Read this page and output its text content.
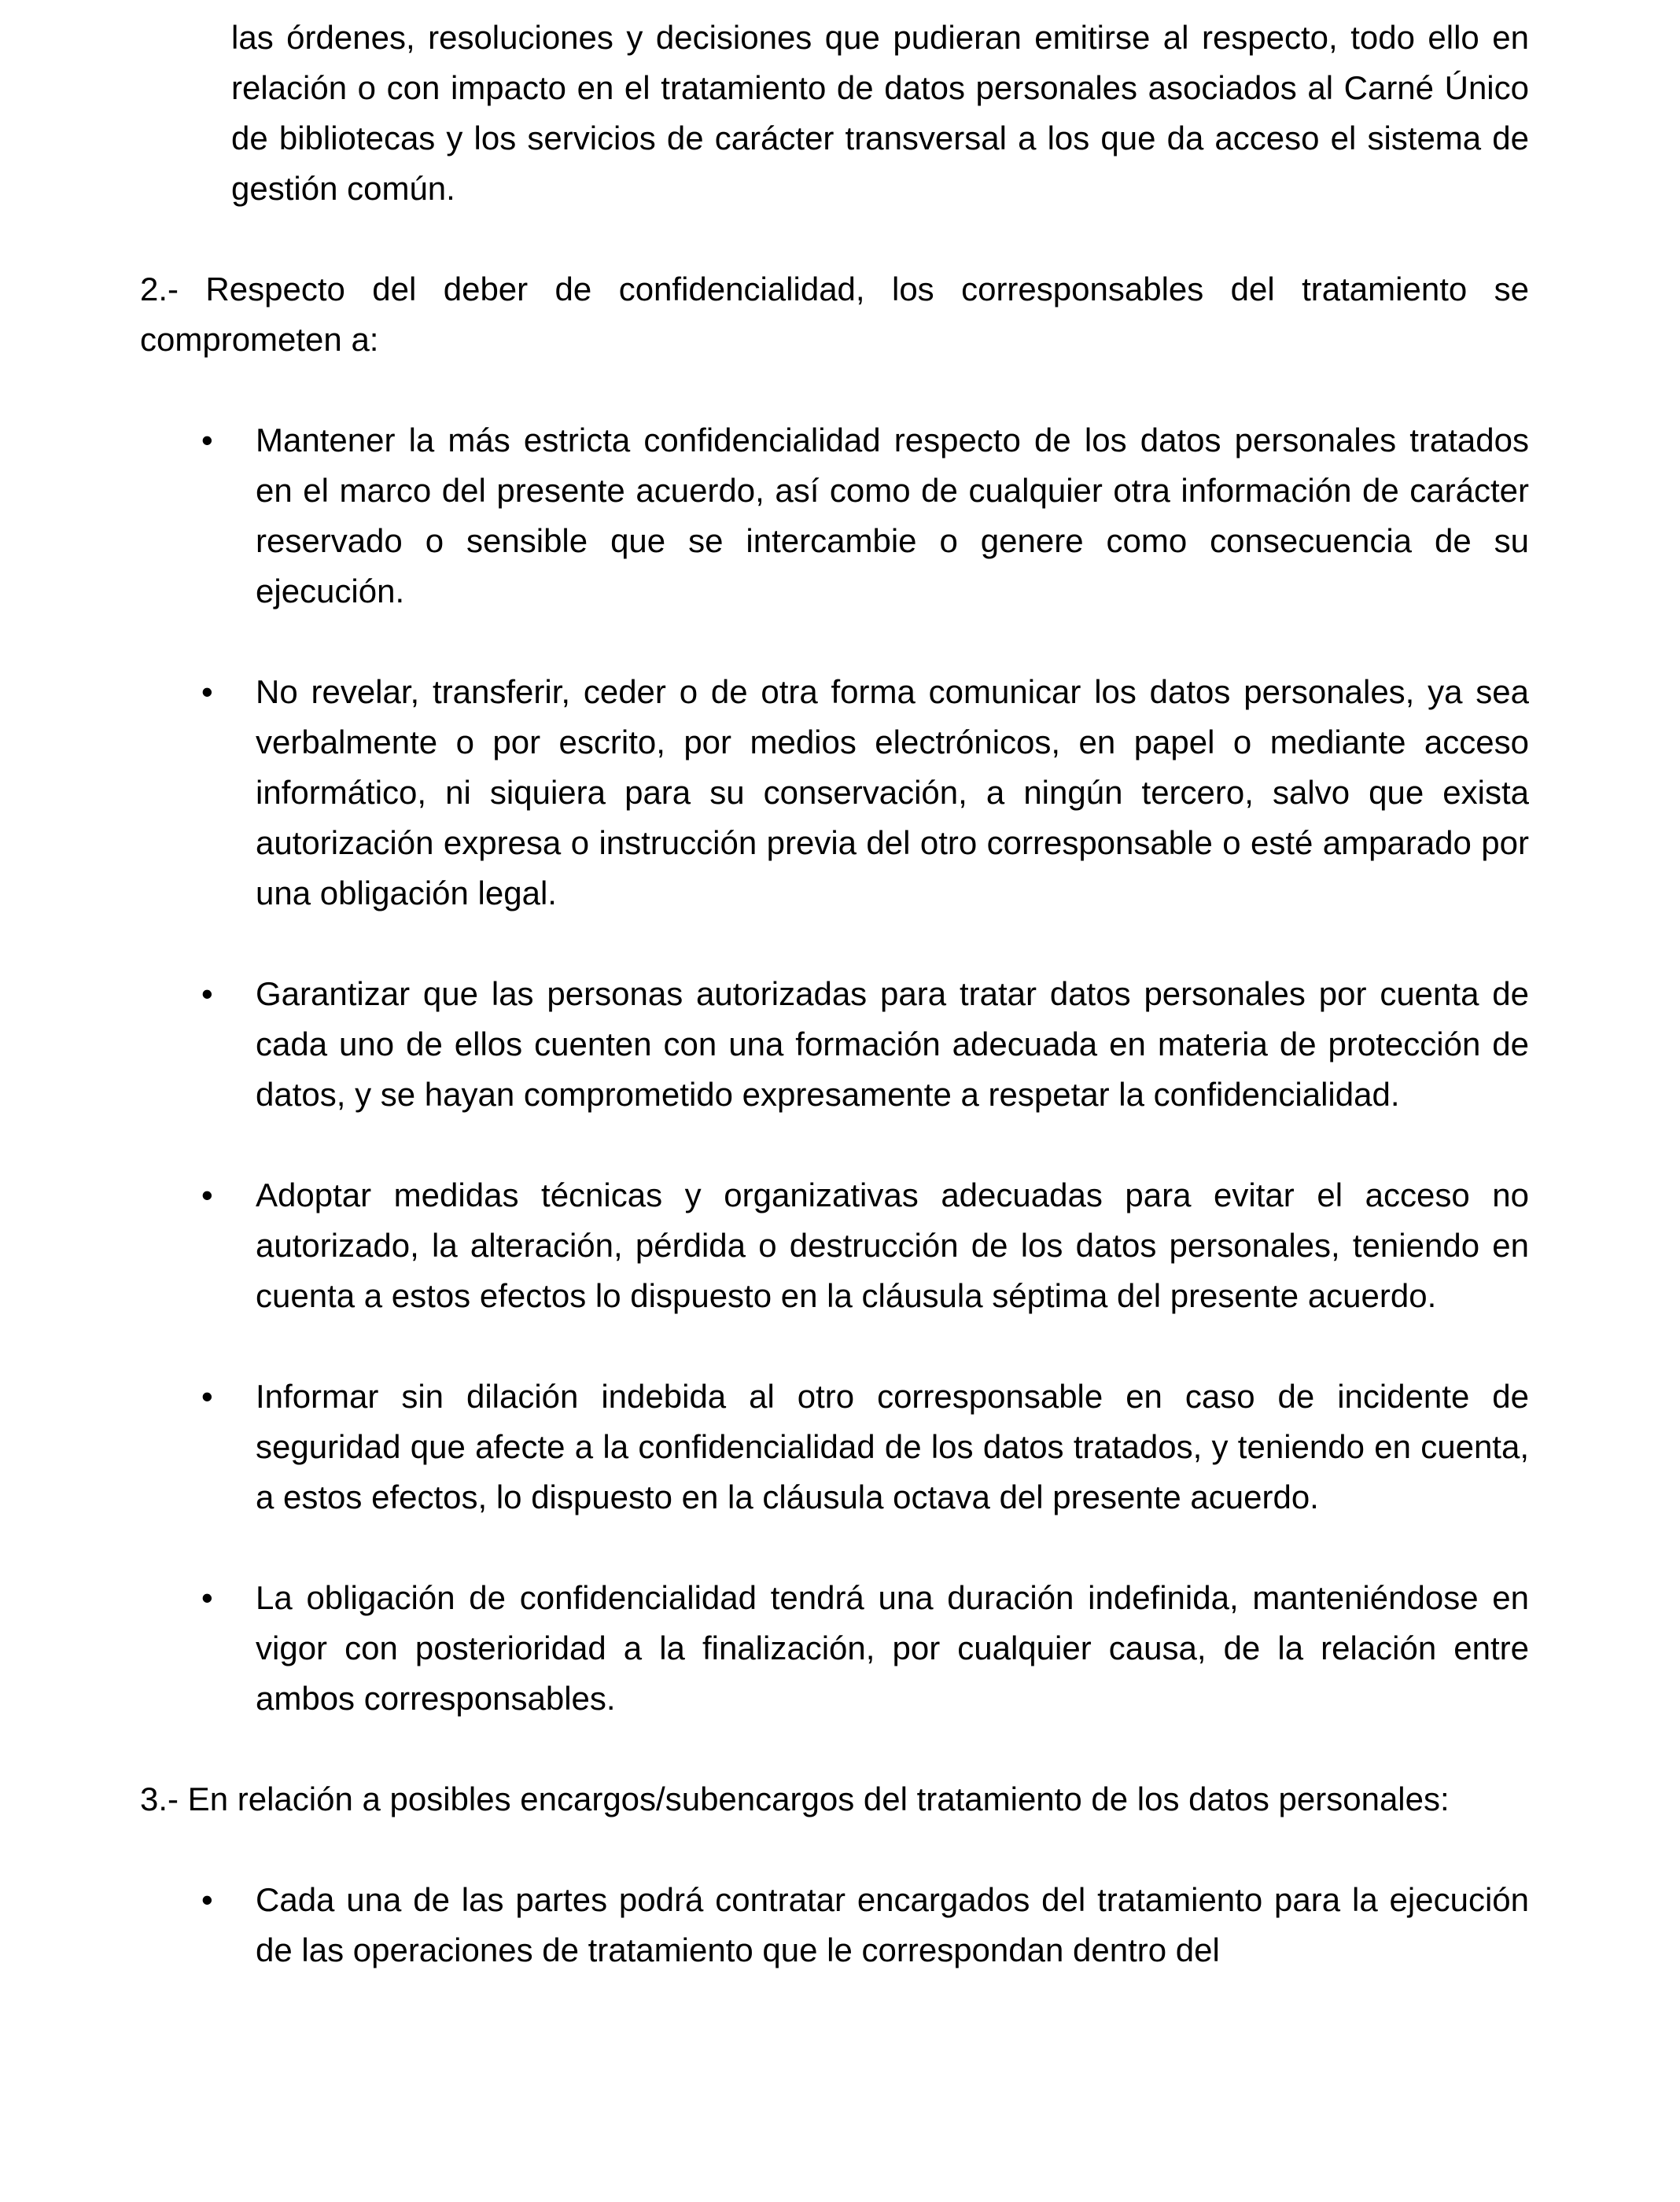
las órdenes, resoluciones y decisiones que pudieran emitirse al respecto, todo ello en relación o con impacto en el tratamiento de datos personales asociados al Carné Único de bibliotecas y los servicios de carácter transversal a los que da acceso el sistema de gestión común.

2.- Respecto del deber de confidencialidad, los corresponsables del tratamiento se comprometen a:

• Mantener la más estricta confidencialidad respecto de los datos personales tratados en el marco del presente acuerdo, así como de cualquier otra información de carácter reservado o sensible que se intercambie o genere como consecuencia de su ejecución.
• No revelar, transferir, ceder o de otra forma comunicar los datos personales, ya sea verbalmente o por escrito, por medios electrónicos, en papel o mediante acceso informático, ni siquiera para su conservación, a ningún tercero, salvo que exista autorización expresa o instrucción previa del otro corresponsable o esté amparado por una obligación legal.
• Garantizar que las personas autorizadas para tratar datos personales por cuenta de cada uno de ellos cuenten con una formación adecuada en materia de protección de datos, y se hayan comprometido expresamente a respetar la confidencialidad.
• Adoptar medidas técnicas y organizativas adecuadas para evitar el acceso no autorizado, la alteración, pérdida o destrucción de los datos personales, teniendo en cuenta a estos efectos lo dispuesto en la cláusula séptima del presente acuerdo.
• Informar sin dilación indebida al otro corresponsable en caso de incidente de seguridad que afecte a la confidencialidad de los datos tratados, y teniendo en cuenta, a estos efectos, lo dispuesto en la cláusula octava del presente acuerdo.
• La obligación de confidencialidad tendrá una duración indefinida, manteniéndose en vigor con posterioridad a la finalización, por cualquier causa, de la relación entre ambos corresponsables.

3.- En relación a posibles encargos/subencargos del tratamiento de los datos personales:

• Cada una de las partes podrá contratar encargados del tratamiento para la ejecución de las operaciones de tratamiento que le correspondan dentro del
